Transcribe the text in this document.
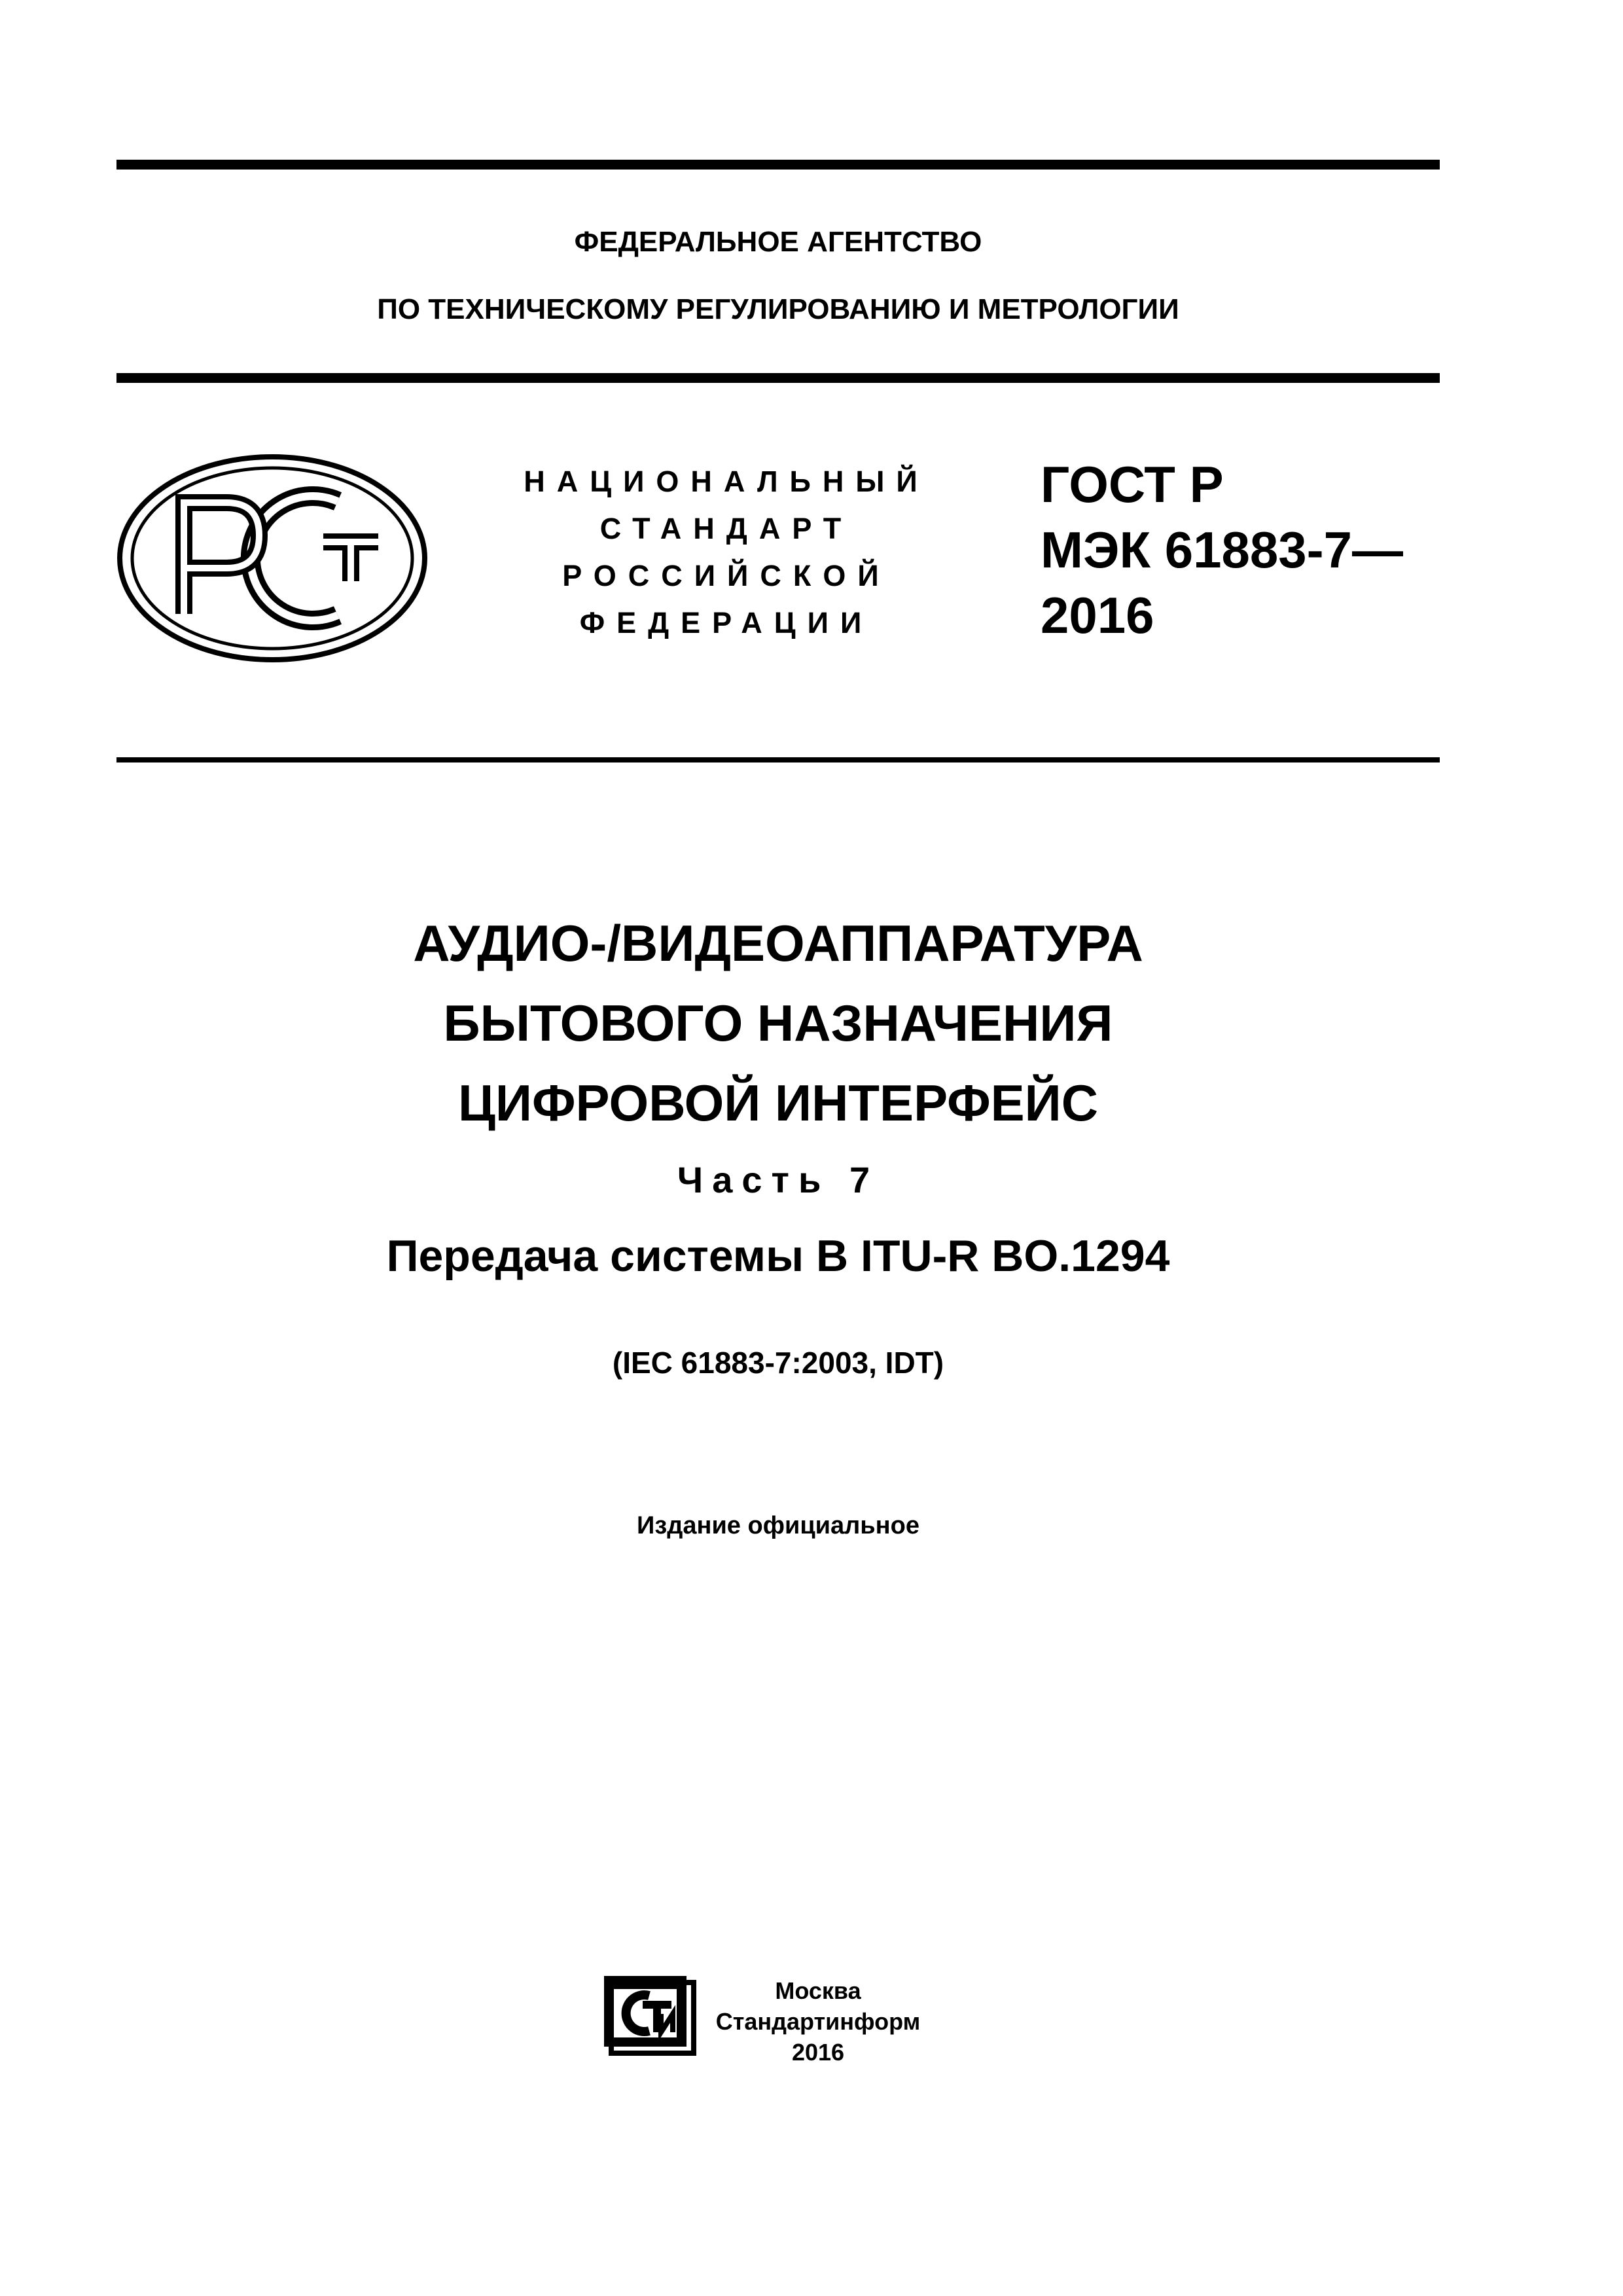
ФЕДЕРАЛЬНОЕ АГЕНТСТВО
ПО ТЕХНИЧЕСКОМУ РЕГУЛИРОВАНИЮ И МЕТРОЛОГИИ
НАЦИОНАЛЬНЫЙ
СТАНДАРТ
РОССИЙСКОЙ
ФЕДЕРАЦИИ
ГОСТ Р
МЭК 61883-7—
2016
АУДИО-/ВИДЕОАППАРАТУРА
БЫТОВОГО НАЗНАЧЕНИЯ
ЦИФРОВОЙ ИНТЕРФЕЙС
Часть 7
Передача системы B ITU-R BO.1294
(IEC 61883-7:2003, IDT)
Издание официальное
Москва
Стандартинформ
2016
